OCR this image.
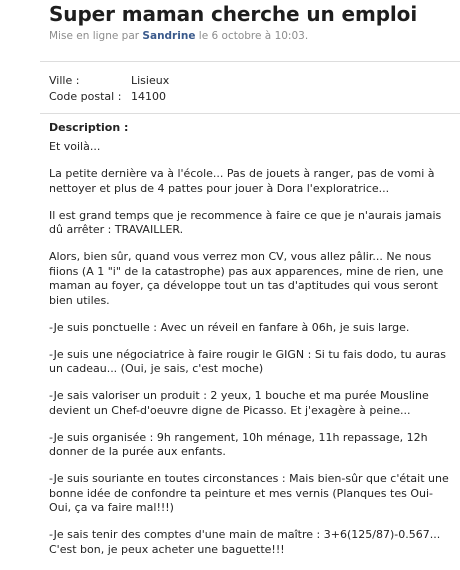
Super maman cherche un emploi
Mise en ligne par Sandrine le 6 octobre à 10:03.
Ville :	Lisieux
Code postal : 14100
Description :

Et voilà...

La petite dernière va à l'école... Pas de jouets à ranger, pas de vomi à nettoyer et plus de 4 pattes pour jouer à Dora l'exploratrice...

Il est grand temps que je recommence à faire ce que je n'aurais jamais dû arrêter : TRAVAILLER.

Alors, bien sûr, quand vous verrez mon CV, vous allez pâlir... Ne nous fiions (A 1 "i" de la catastrophe) pas aux apparences, mine de rien, une maman au foyer, ça développe tout un tas d'aptitudes qui vous seront bien utiles.

-Je suis ponctuelle : Avec un réveil en fanfare à 06h, je suis large.

-Je suis une négociatrice à faire rougir le GIGN : Si tu fais dodo, tu auras un cadeau... (Oui, je sais, c'est moche)

-Je sais valoriser un produit : 2 yeux, 1 bouche et ma purée Mousline devient un Chef-d'oeuvre digne de Picasso. Et j'exagère à peine...

-Je suis organisée : 9h rangement, 10h ménage, 11h repassage, 12h donner de la purée aux enfants.

-Je suis souriante en toutes circonstances : Mais bien-sûr que c'était une bonne idée de confondre ta peinture et mes vernis (Planques tes Oui-Oui, ça va faire mal!!!)

-Je sais tenir des comptes d'une main de maître : 3+6(125/87)-0.567... C'est bon, je peux acheter une baguette!!!
